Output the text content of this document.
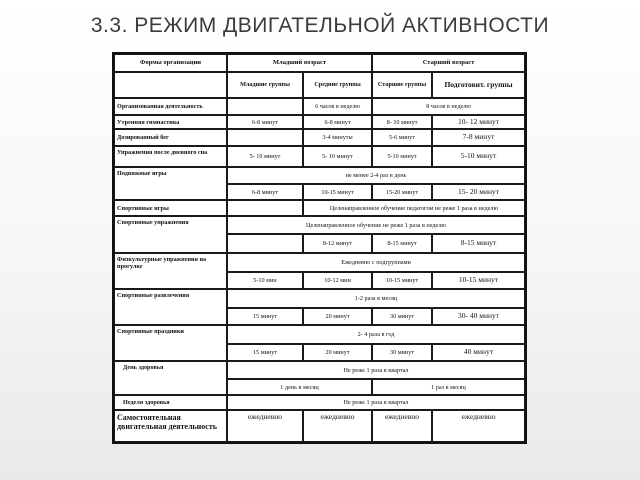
3.3. РЕЖИМ ДВИГАТЕЛЬНОЙ АКТИВНОСТИ
Формы организации	Младший возраст		Старший возраст	
	Младшие группы	Средние группы	Старшие группы	Подготовит. группы
Организованная деятельность		6 часов в неделю	8 часов в неделю	
Утренняя гимнастика	6-8 минут	6-8 минут	8- 10 минут	10- 12 минут
Дозированный бег		3-4 минуты	5-6 минут	7-8 минут
Упражнения после дневного сна	5- 10 минут	5- 10 минут	5-10 минут	5-10 минут
Подвижные игры	не менее 2-4 раз в день			
	6-8 минут	10-15 минут	15-20 минут	15- 20 минут
Спортивные игры		Целенаправленное обучение педагогом не реже 1 раза в неделю		
Спортивные упражнения	Целенаправленное обучение не реже 1 раза в неделю			
		8-12 минут	8-15 минут	8-15 минут
Физкультурные упражнения на прогулке	Ежедневно с подгруппами			
	5-10 мин	10-12 мин	10-15 минут	10-15 минут
Спортивные развлечения	1-2 раза в месяц			
	15 минут	20 минут	30 минут	30- 40 минут
Спортивные праздники	2- 4 раза в год			
	15 минут	20 минут	30 минут	40 минут
День здоровья	Не реже 1 раза в квартал			
	1 день в месяц		1 раз в месяц	
Неделя здоровья	Не реже 1 раза в квартал			
Самостоятельная двигательная деятельность	ежедневно	ежедневно	ежедневно	ежедневно
